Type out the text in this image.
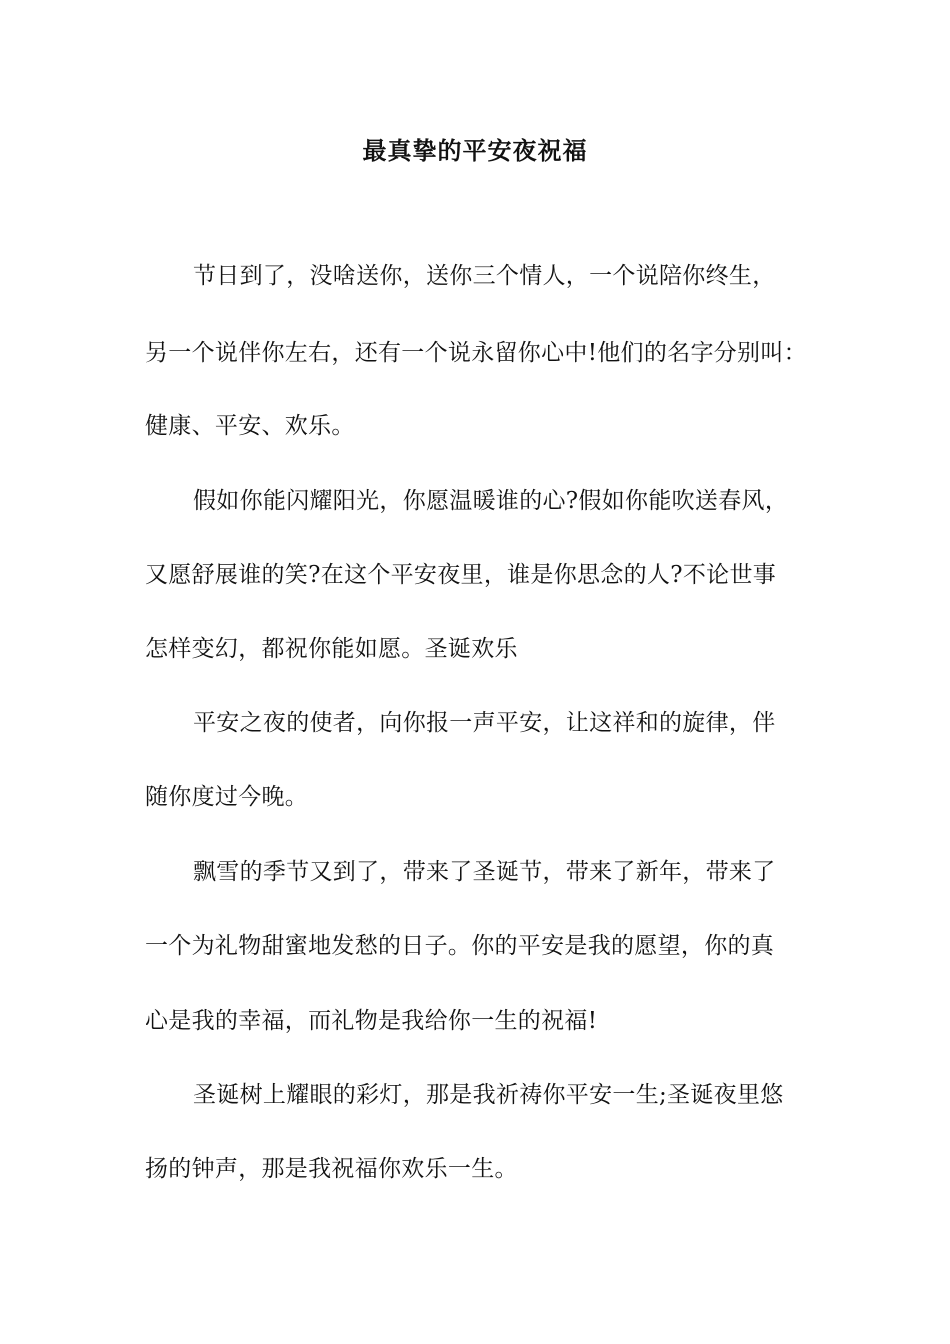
最真挚的平安夜祝福
节日到了，没啥送你，送你三个情人，一个说陪你终生，
另一个说伴你左右，还有一个说永留你心中!他们的名字分别叫：
健康、平安、欢乐。
假如你能闪耀阳光，你愿温暖谁的心?假如你能吹送春风，
又愿舒展谁的笑?在这个平安夜里，谁是你思念的人?不论世事
怎样变幻，都祝你能如愿。圣诞欢乐
平安之夜的使者，向你报一声平安，让这祥和的旋律，伴
随你度过今晚。
飘雪的季节又到了，带来了圣诞节，带来了新年，带来了
一个为礼物甜蜜地发愁的日子。你的平安是我的愿望，你的真
心是我的幸福，而礼物是我给你一生的祝福!
圣诞树上耀眼的彩灯，那是我祈祷你平安一生;圣诞夜里悠
扬的钟声，那是我祝福你欢乐一生。
